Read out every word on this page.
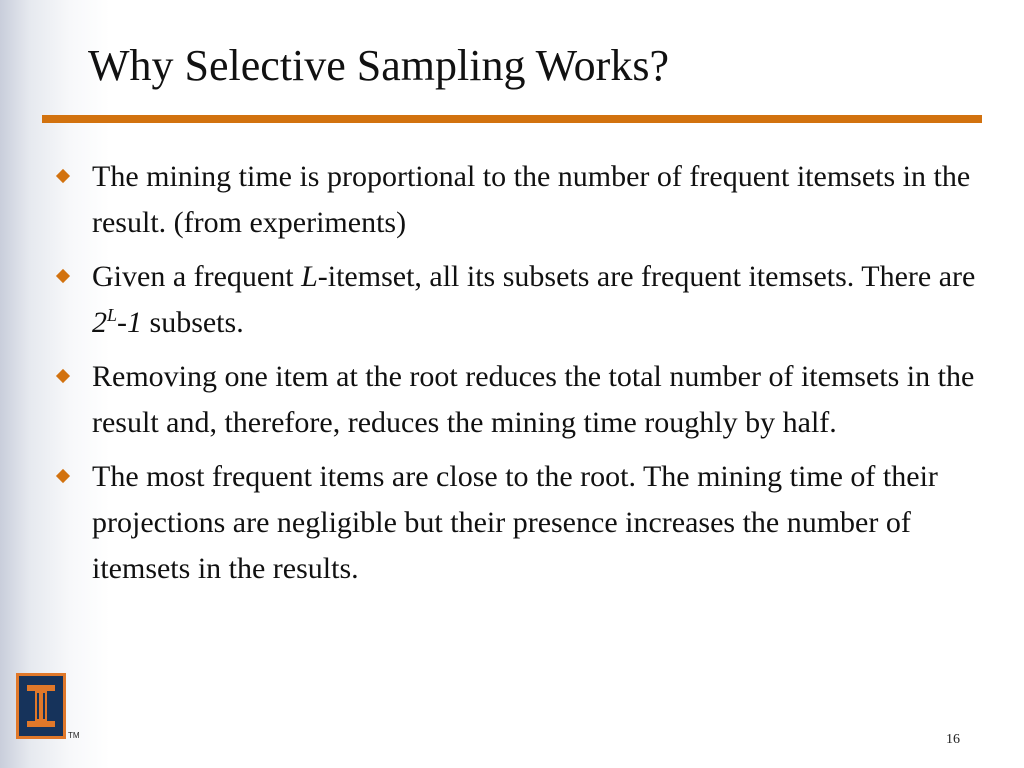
Why Selective Sampling Works?
The mining time is proportional to the number of frequent itemsets in the result. (from experiments)
Given a frequent L-itemset, all its subsets are frequent itemsets. There are $2^L-1$ subsets.
Removing one item at the root reduces the total number of itemsets in the result and, therefore, reduces the mining time roughly by half.
The most frequent items are close to the root. The mining time of their projections are negligible but their presence increases the number of itemsets in the results.
TM	16
